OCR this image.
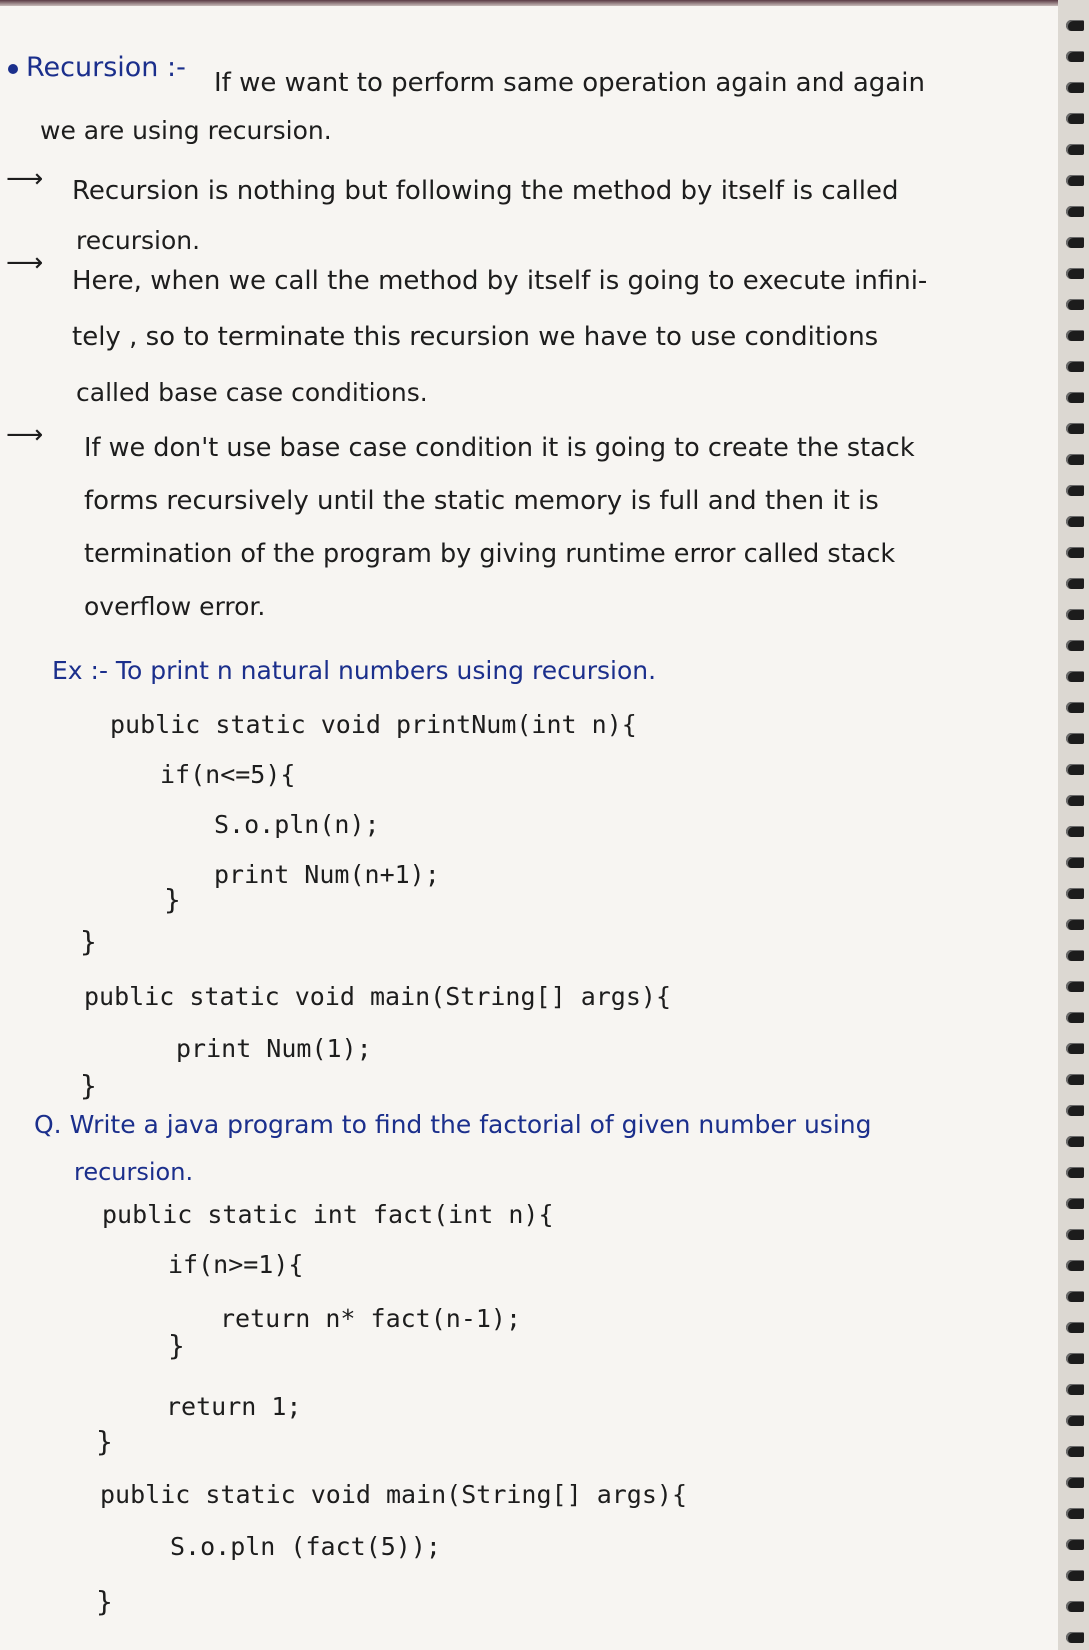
Recursion :- If we want to perform same operation again and again
we are using recursion.
⟶ Recursion is nothing but following the method by itself is called
recursion.
⟶
Here, when we call the method by itself is going to execute infini-
tely , so to terminate this recursion we have to use conditions
called base case conditions.
⟶ If we don't use base case condition it is going to create the stack
forms recursively until the static memory is full and then it is
termination of the program by giving runtime error called stack
overflow error.
Ex :- To print n natural numbers using recursion.
public static void printNum(int n){
if(n<=5){
S.o.pln(n);
print Num(n+1);
}
}
public static void main(String[] args){
print Num(1);
}
Q. Write a java program to find the factorial of given number using
recursion.
public static int fact(int n){
if(n>=1){
return n* fact(n-1);
}
return 1;
}
public static void main(String[] args){
S.o.pln (fact(5));
}
